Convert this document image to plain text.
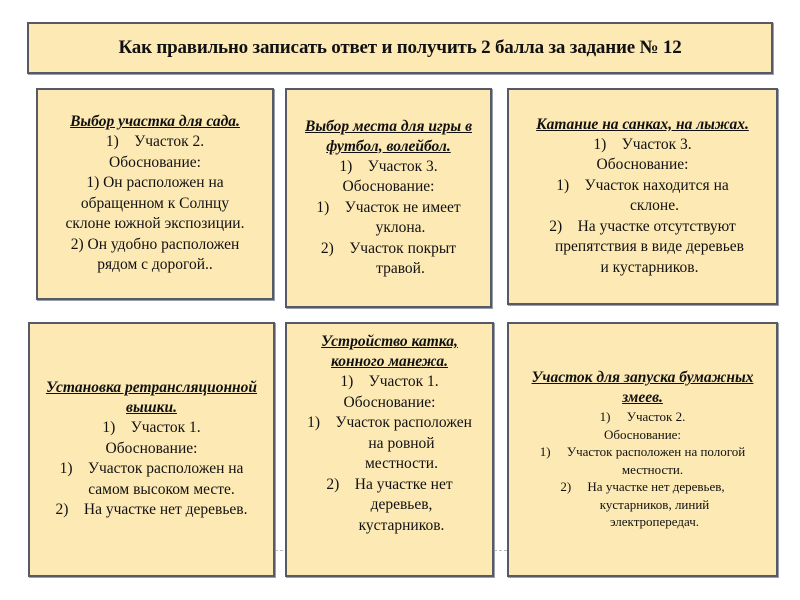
Как правильно записать ответ и получить 2 балла за задание № 12
Выбор участка для сада.
1)    Участок 2.
Обоснование:
1) Он расположен на
обращенном к Солнцу
склоне южной экспозиции.
2) Он удобно расположен
рядом с дорогой..
Выбор места для игры в футбол, волейбол.
1)    Участок 3.
Обоснование:
1)    Участок не имеет
уклона.
2)    Участок покрыт
травой.
Катание на санках, на лыжах.
1)    Участок 3.
Обоснование:
1)    Участок находится на
склоне.
2)    На участке отсутствуют
препятствия в виде деревьев
и кустарников.
Установка ретрансляционной вышки.
1)    Участок 1.
Обоснование:
1)    Участок расположен на
самом высоком месте.
2)    На участке нет деревьев.
Устройство катка, конного манежа.
1)    Участок 1.
Обоснование:
1)    Участок расположен
на ровной
местности.
2)    На участке нет
деревьев,
кустарников.
Участок для запуска бумажных змеев.
1)     Участок 2.
Обоснование:
1)     Участок расположен на пологой
местности.
2)     На участке нет деревьев,
кустарников, линий
электропередач.
